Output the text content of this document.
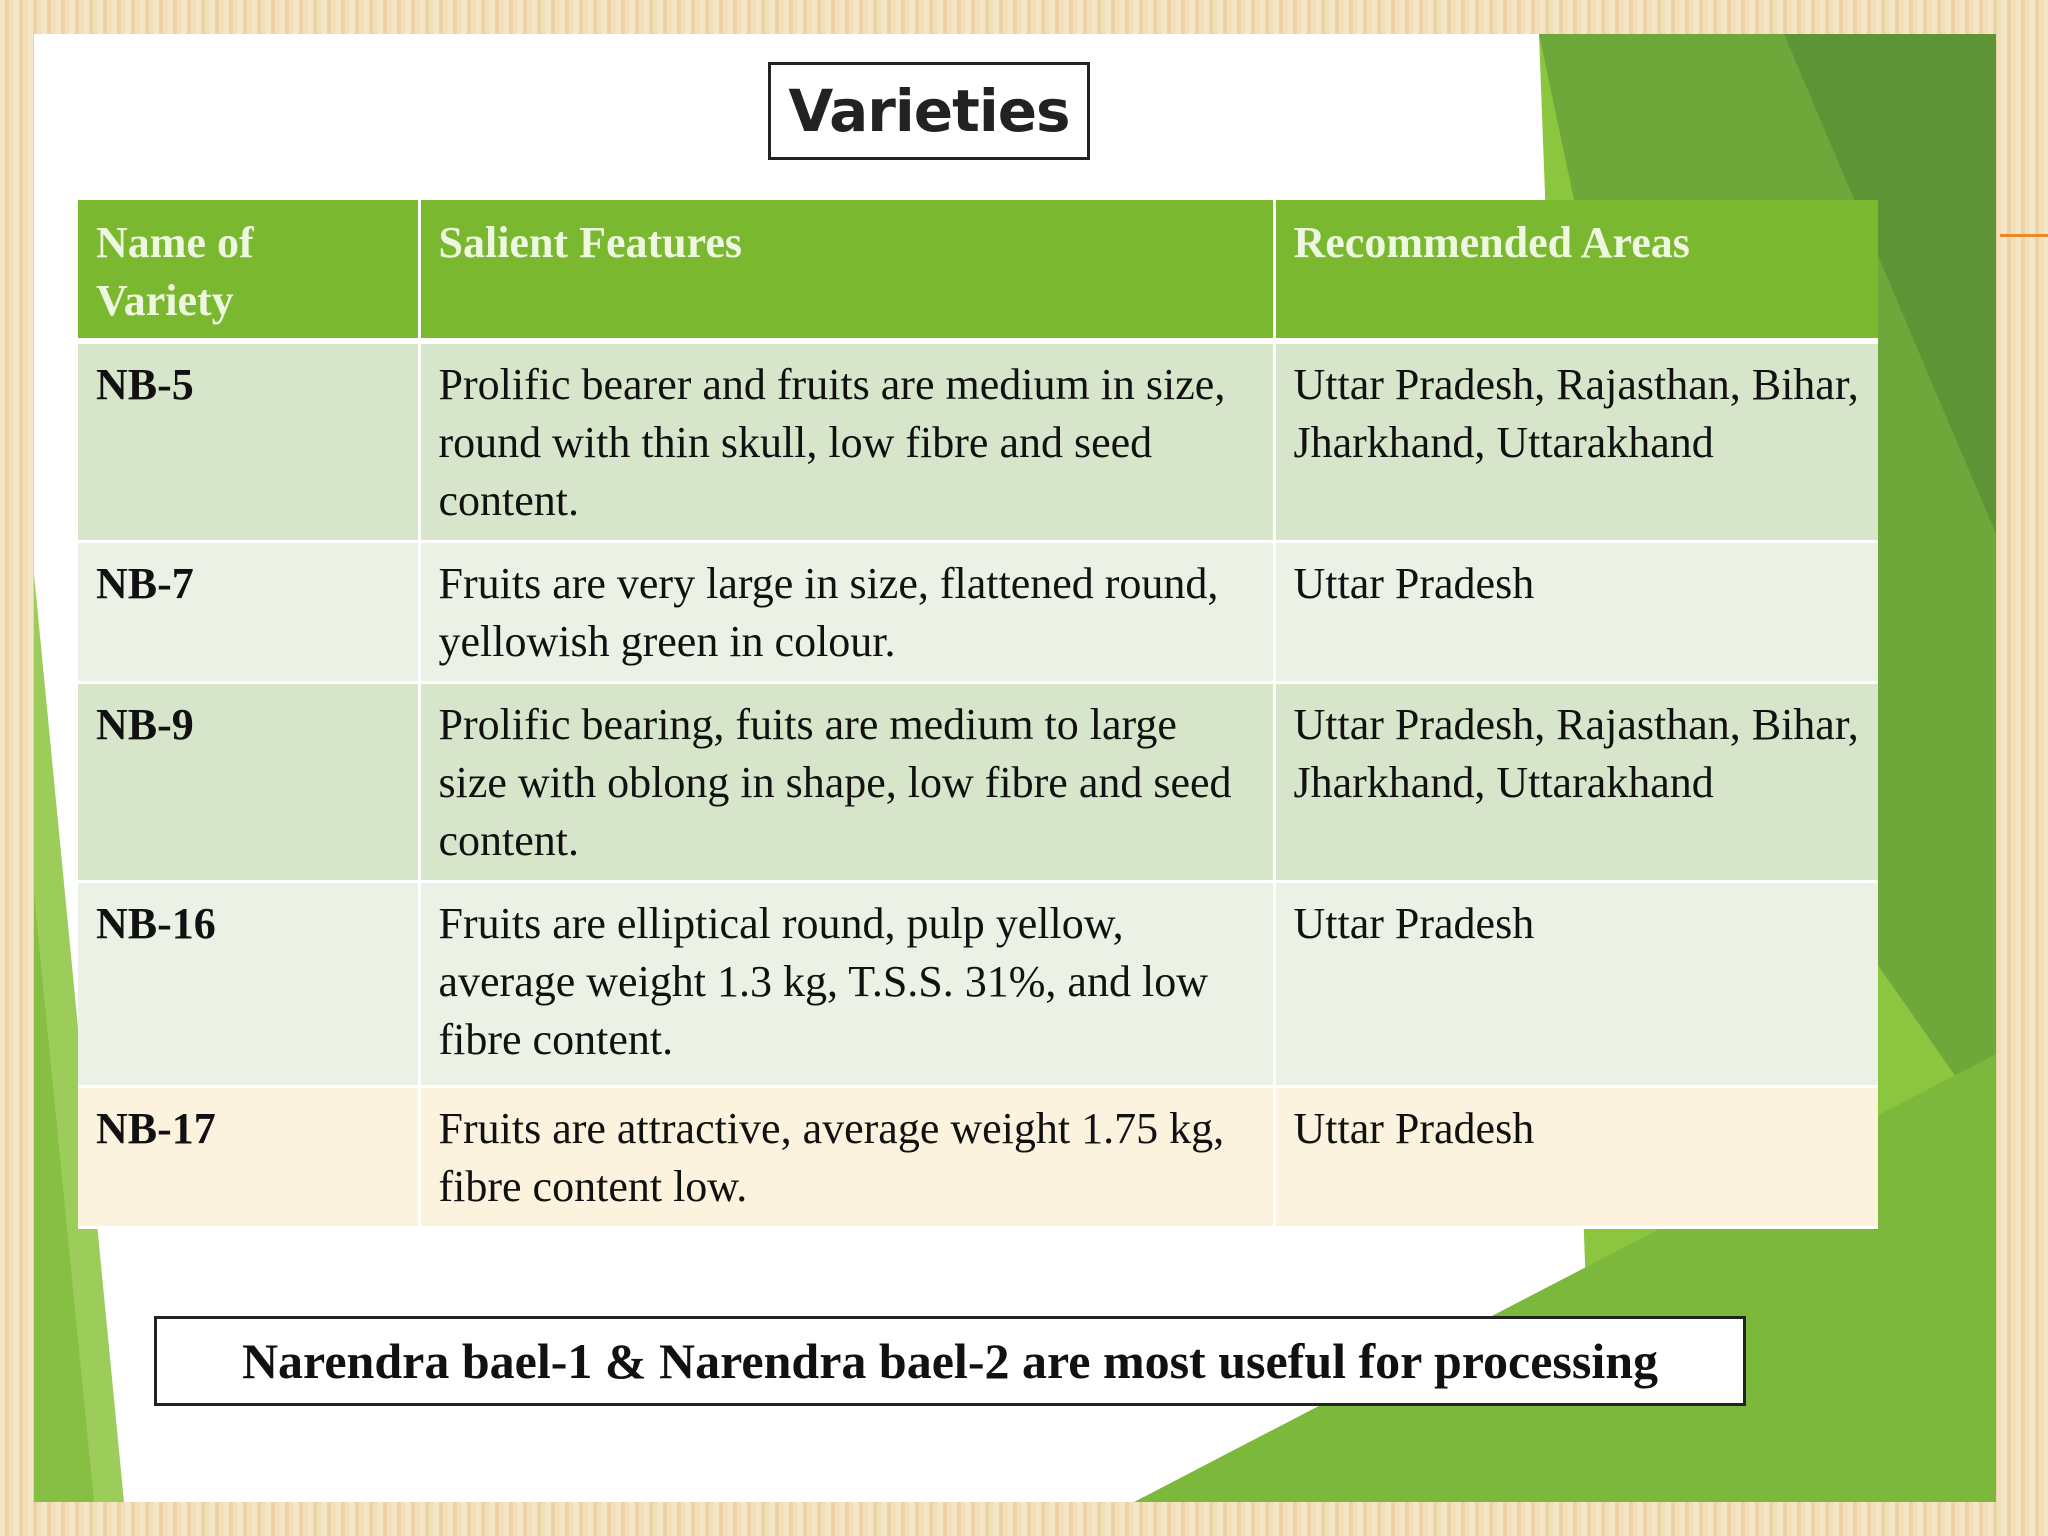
Varieties
Name of Variety	Salient Features	Recommended Areas
NB-5	Prolific bearer and fruits are medium in size, round with thin skull, low fibre and seed content.	Uttar Pradesh, Rajasthan, Bihar, Jharkhand, Uttarakhand
NB-7	Fruits are very large in size, flattened round, yellowish green in colour.	Uttar Pradesh
NB-9	Prolific bearing, fuits are medium to large size with oblong in shape, low fibre and seed content.	Uttar Pradesh, Rajasthan, Bihar, Jharkhand, Uttarakhand
NB-16	Fruits are elliptical round, pulp yellow, average weight 1.3 kg, T.S.S. 31%, and low fibre content.	Uttar Pradesh
NB-17	Fruits are attractive, average weight 1.75 kg, fibre content low.	Uttar Pradesh
Narendra bael-1 & Narendra bael-2 are most useful for processing
